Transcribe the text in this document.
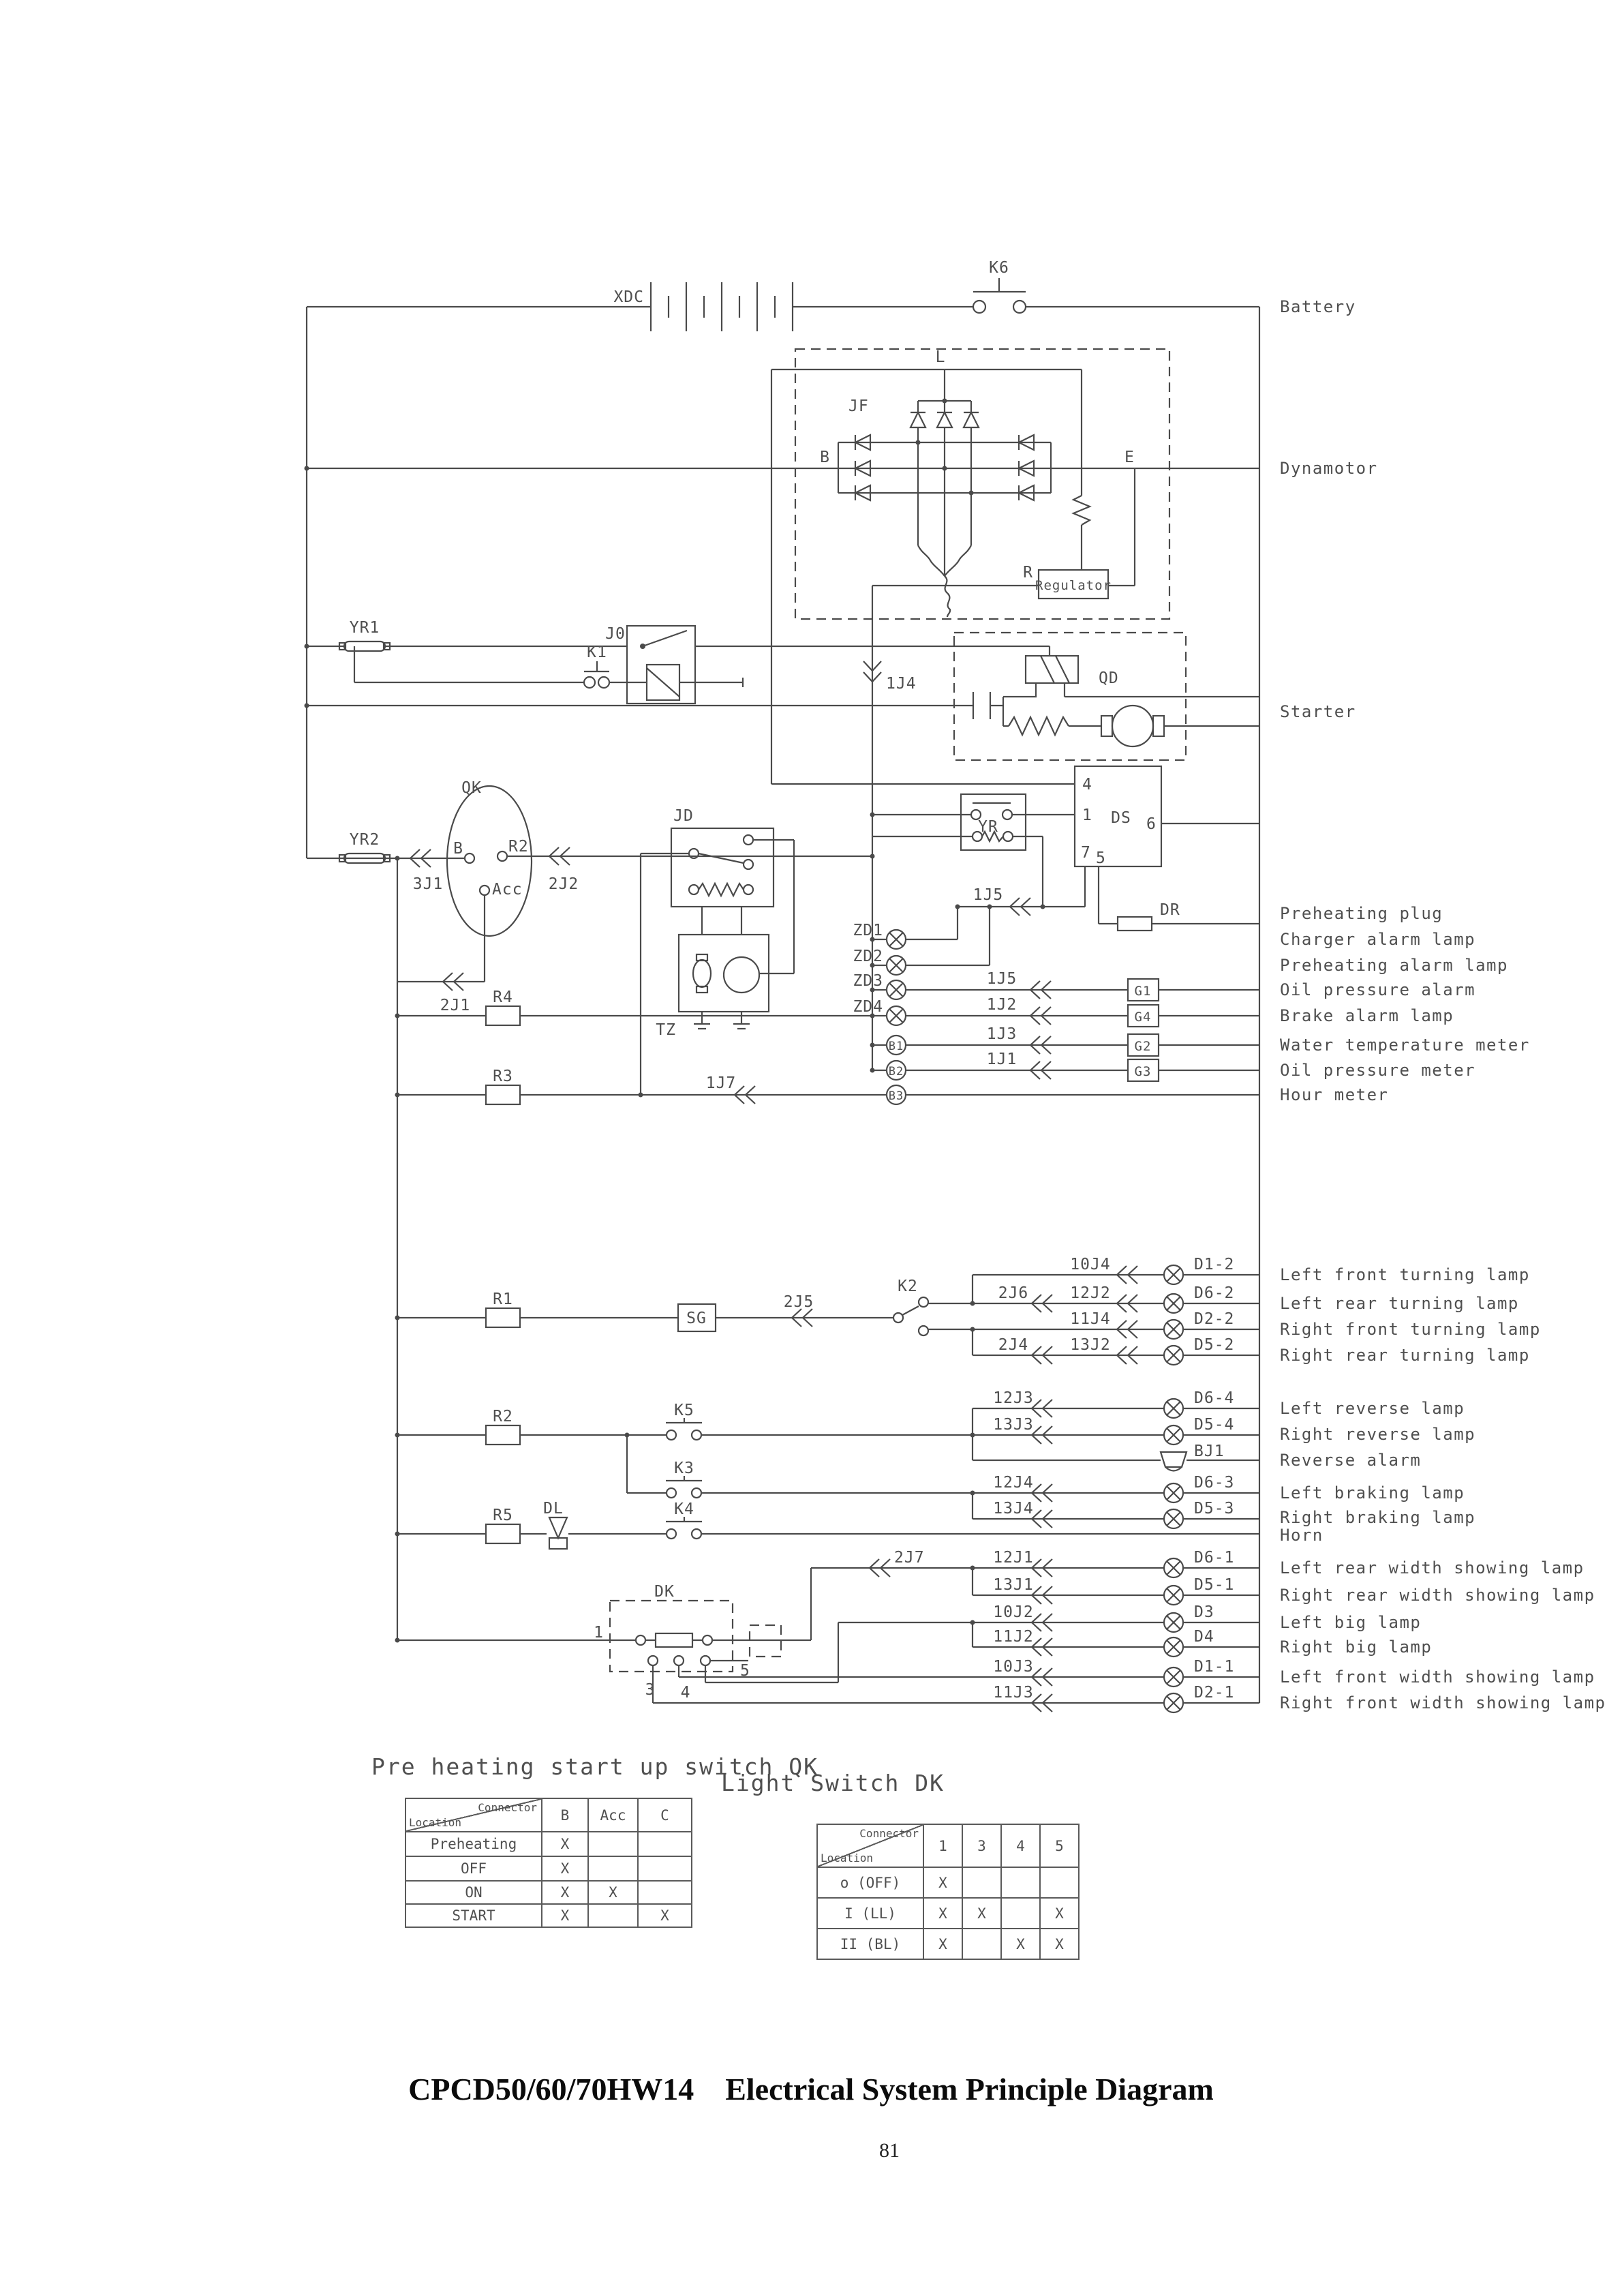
XDC
K6
L
JF
B	E
R
Regulator
YR1	J0
K1
1J4	QD
QK
B	R2
Acc
YR2
3J1	2J2
2J1
JD
TZ
YR	DS
4
1	6
7 5
1J5
DR
ZD1
ZD2
ZD3
ZD4
B1
B2
B3
R4
R3
R1
R2
R5
1J7
1J5
1J2
1J3
1J1
G1
G4
G2
G3
SG
2J5
K2
10J4
2J6	12J2
11J4
2J4	13J2
D1-2
D6-2
D2-2
D5-2
K5
K3
12J3
13J3
12J4
13J4
D6-4
D5-4
D6-3
D5-3
BJ1
DL	K4
DK
1
3 4
5
2J7	12J1
13J1
10J2
11J2
10J3
11J3
D6-1
D5-1
D3
D4
D1-1
D2-1
Battery
Dynamotor
Starter
Preheating plug
Charger alarm lamp
Preheating alarm lamp
Oil pressure alarm
Brake alarm lamp
Water temperature meter
Oil pressure meter
Hour meter
Left front turning lamp
Left rear turning lamp
Right front turning lamp
Right rear turning lamp
Left reverse lamp
Right reverse lamp
Reverse alarm
Left braking lamp
Right braking lamp
Horn
Left rear width showing lamp
Right rear width showing lamp
Left big lamp
Right big lamp
Left front width showing lamp
Right front width showing lamp
Pre heating start up switch QK
Connector
Location	B	Acc	C
Preheating	X		
OFF	X		
ON	X	X	
START	X		X
Light Switch DK
Connector
Location	1	3	4	5
o (OFF)	X			
I (LL)	X	X		X
II (BL)	X		X	X
CPCD50/60/70HW14    Electrical System Principle Diagram
81
